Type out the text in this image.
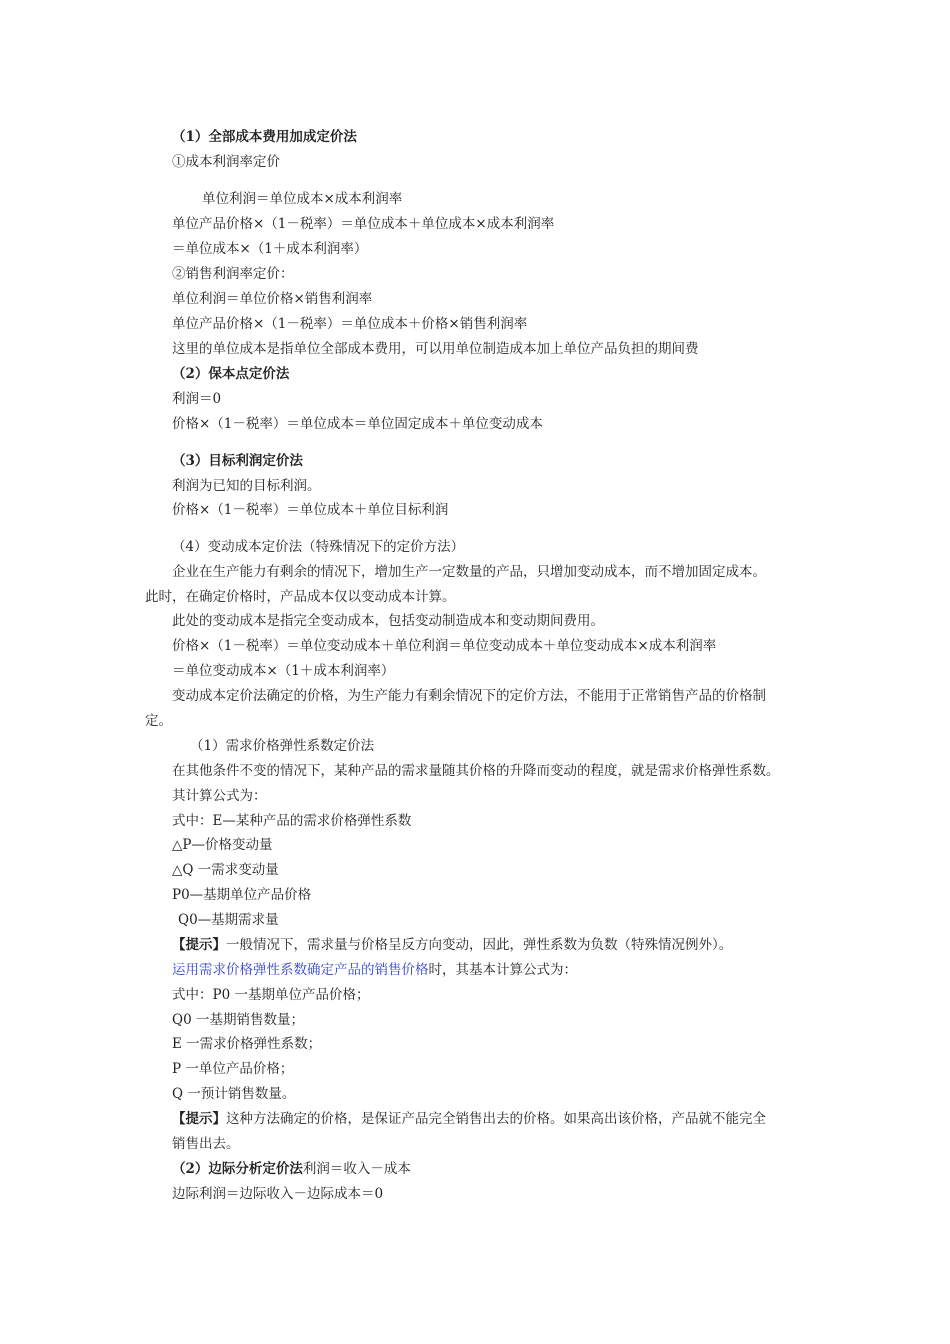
（1）全部成本费用加成定价法
①成本利润率定价
单位利润＝单位成本×成本利润率
单位产品价格×（1－税率）＝单位成本＋单位成本×成本利润率
＝单位成本×（1＋成本利润率）
②销售利润率定价：
单位利润＝单位价格×销售利润率
单位产品价格×（1－税率）＝单位成本＋价格×销售利润率
这里的单位成本是指单位全部成本费用，可以用单位制造成本加上单位产品负担的期间费
（2）保本点定价法
利润＝0
价格×（1－税率）＝单位成本＝单位固定成本＋单位变动成本
（3）目标利润定价法
利润为已知的目标利润。
价格×（1－税率）＝单位成本＋单位目标利润
（4）变动成本定价法（特殊情况下的定价方法）
企业在生产能力有剩余的情况下，增加生产一定数量的产品，只增加变动成本，而不增加固定成本。
此时，在确定价格时，产品成本仅以变动成本计算。
此处的变动成本是指完全变动成本，包括变动制造成本和变动期间费用。
价格×（1－税率）＝单位变动成本＋单位利润＝单位变动成本＋单位变动成本×成本利润率
＝单位变动成本×（1＋成本利润率）
变动成本定价法确定的价格，为生产能力有剩余情况下的定价方法，不能用于正常销售产品的价格制
定。
（1）需求价格弹性系数定价法
在其他条件不变的情况下，某种产品的需求量随其价格的升降而变动的程度，就是需求价格弹性系数。
其计算公式为：
式中：E—某种产品的需求价格弹性系数
△P—价格变动量
△Q 一需求变动量
P0—基期单位产品价格
Q0—基期需求量
【提示】一般情况下，需求量与价格呈反方向变动，因此，弹性系数为负数（特殊情况例外）。
运用需求价格弹性系数确定产品的销售价格时，其基本计算公式为：
式中：P0 一基期单位产品价格；
Q0 一基期销售数量；
E 一需求价格弹性系数；
P 一单位产品价格；
Q 一预计销售数量。
【提示】这种方法确定的价格，是保证产品完全销售出去的价格。如果高出该价格，产品就不能完全
销售出去。
（2）边际分析定价法利润＝收入－成本
边际利润＝边际收入－边际成本＝0
